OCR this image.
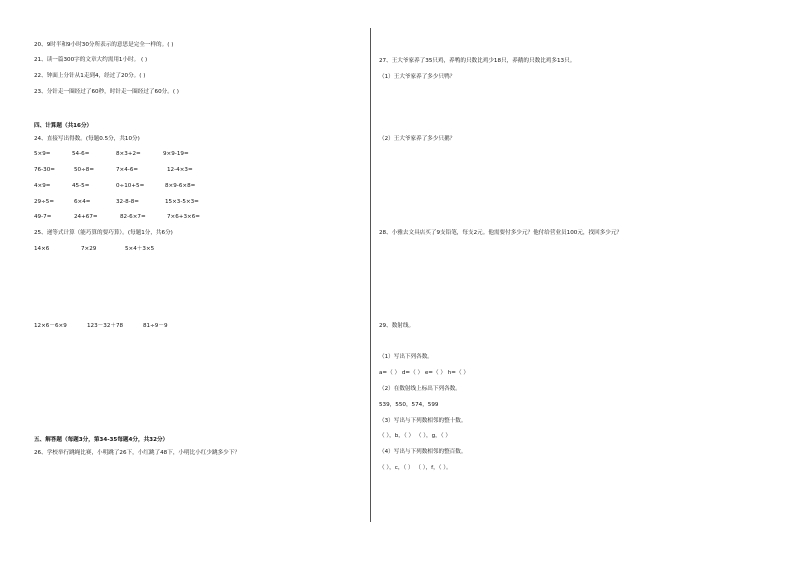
20、9时半和9小时30分所表示的意思是完全一样的。( )
21、读一篇300字的文章大约需用1小时。 ( )
22、钟面上分针从1走到4，经过了20分。( )
23、分针走一圈经过了60秒，时针走一圈经过了60分。( )
四、计算题（共16分）
24、直接写出得数。(每题0.5分，共10分)
5×9=	54-6=	8×3+2=	9×9-19=
76-30=	50÷8=	7×4-6=	12-4×3=
4×9=	45-5=	0÷10+5=	8×9-6×8=
29÷5=	6×4=	32-8-8=	15×3-5×3=
49-7=	24+67=	82-6×7=	7×6+3×6=
25、递等式计算（能巧算的要巧算）。(每题1分，共6分)
14×6	7×29	5×4＋3×5
12×6－6×9	123－32＋78	81÷9－9
五、解答题（每题3分，第34-35每题4分，共32分）
26、学校举行跳绳比赛，小明跳了26下，小红跳了48下，小明比小红少跳多少下？
27、王大爷家养了35只鸡，养鸭的只数比鸡少18只，养鹅的只数比鸡多13只。
（1）王大爷家养了多少只鸭？
（2）王大爷家养了多少只鹅？
28、小雅去文具店买了9支铅笔，每支2元。他需要付多少元？他付给营业员100元，找回多少元？
29、数射线。
（1）写出下列各数。
a=（ ） d=（ ） e=（ ） h=（ ）
（2）在数射线上标出下列各数。
539，550，574，599
（3）写出与下列数相邻的整十数。
（ ），b，（ ） （ ），g，（ ）
（4）写出与下列数相邻的整百数。
（ ），c，（ ） （ ），f，（ ）。
